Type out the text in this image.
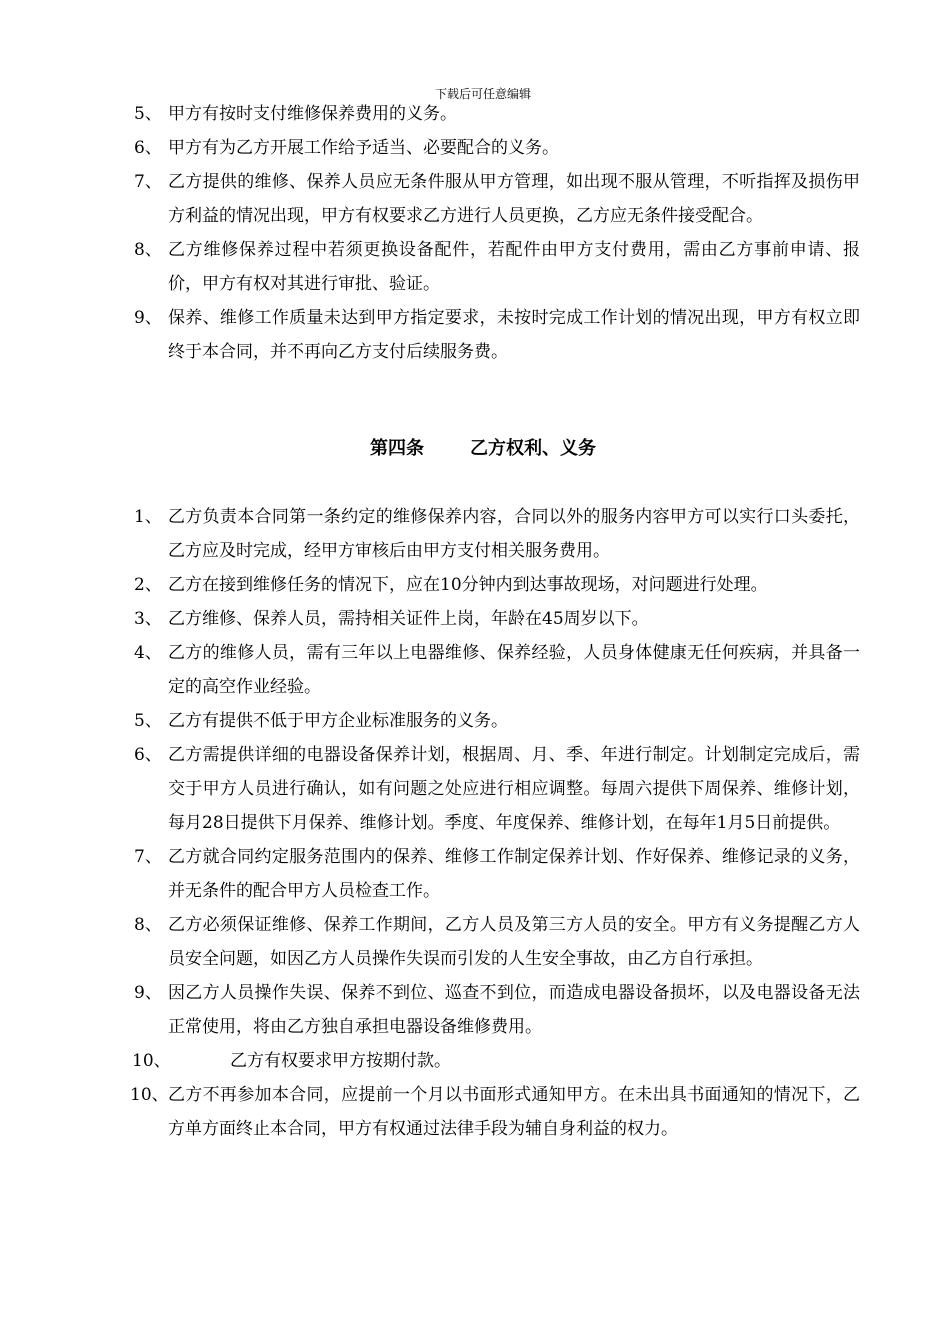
下载后可任意编辑

5、 甲方有按时支付维修保养费用的义务。

6、 甲方有为乙方开展工作给予适当、必要配合的义务。

7、 乙方提供的维修、保养人员应无条件服从甲方管理，如出现不服从管理，不听指挥及损伤甲方利益的情况出现，甲方有权要求乙方进行人员更换，乙方应无条件接受配合。

8、 乙方维修保养过程中若须更换设备配件，若配件由甲方支付费用，需由乙方事前申请、报价，甲方有权对其进行审批、验证。

9、 保养、维修工作质量未达到甲方指定要求，未按时完成工作计划的情况出现，甲方有权立即终于本合同，并不再向乙方支付后续服务费。

第四条	乙方权利、义务

1、 乙方负责本合同第一条约定的维修保养内容，合同以外的服务内容甲方可以实行口头委托，乙方应及时完成，经甲方审核后由甲方支付相关服务费用。

2、 乙方在接到维修任务的情况下，应在10分钟内到达事故现场，对问题进行处理。

3、 乙方维修、保养人员，需持相关证件上岗，年龄在45周岁以下。

4、 乙方的维修人员，需有三年以上电器维修、保养经验，人员身体健康无任何疾病，并具备一定的高空作业经验。

5、 乙方有提供不低于甲方企业标准服务的义务。

6、 乙方需提供详细的电器设备保养计划，根据周、月、季、年进行制定。计划制定完成后，需交于甲方人员进行确认，如有问题之处应进行相应调整。每周六提供下周保养、维修计划，每月28日提供下月保养、维修计划。季度、年度保养、维修计划，在每年1月5日前提供。

7、 乙方就合同约定服务范围内的保养、维修工作制定保养计划、作好保养、维修记录的义务，并无条件的配合甲方人员检查工作。

8、 乙方必须保证维修、保养工作期间，乙方人员及第三方人员的安全。甲方有义务提醒乙方人员安全问题，如因乙方人员操作失误而引发的人生安全事故，由乙方自行承担。

9、 因乙方人员操作失误、保养不到位、巡查不到位，而造成电器设备损坏，以及电器设备无法正常使用，将由乙方独自承担电器设备维修费用。

10、	乙方有权要求甲方按期付款。

10、 乙方不再参加本合同，应提前一个月以书面形式通知甲方。在未出具书面通知的情况下，乙方单方面终止本合同，甲方有权通过法律手段为辅自身利益的权力。
